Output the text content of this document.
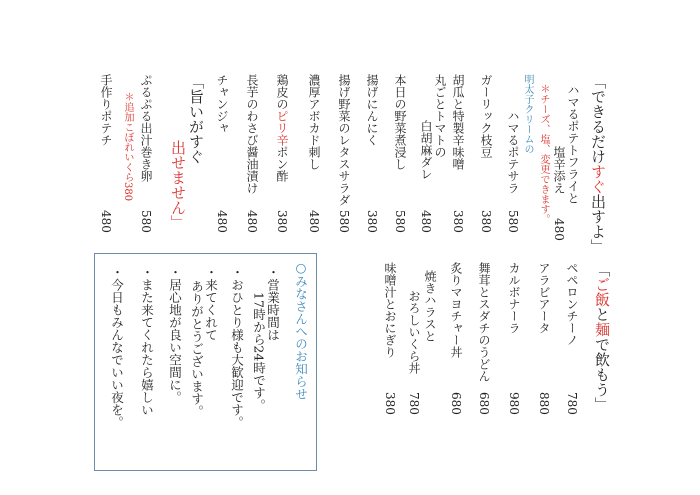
「できるだけすぐ出すよ」
ハマるポテトフライと
塩辛添え
480
＊チーズ、塩、変更できます。
明太子クリームの
ハマるポテサラ
580
ガーリック枝豆
380
胡瓜と特製辛味噌
380
丸ごとトマトの
白胡麻ダレ
480
本日の野菜煮浸し
580
揚げにんにく
380
揚げ野菜のレタスサラダ
580
濃厚アボカド刺し
480
鶏皮のピリ辛ポン酢
380
長芋のわさび醤油漬け
480
チャンジャ
480
「旨いがすぐ
出せません」
ぷるぷる出汁巻き卵
580
＊追加こぼれいくら380
手作りポテチ
480
「ご飯と麺で飲もう」
ペペロンチーノ
780
アラビアータ
880
カルボナーラ
980
舞茸とスダチのうどん
680
炙りマヨチャー丼
680
焼きハラスと
おろしいくら丼
780
味噌汁とおにぎり
380
○みなさんへのお知らせ
・営業時間は
17時から24時です。
・おひとり様も大歓迎です。
・来てくれて
ありがとうございます。
・居心地が良い空間に。
・また来てくれたら嬉しい
・今日もみんなでいい夜を。
